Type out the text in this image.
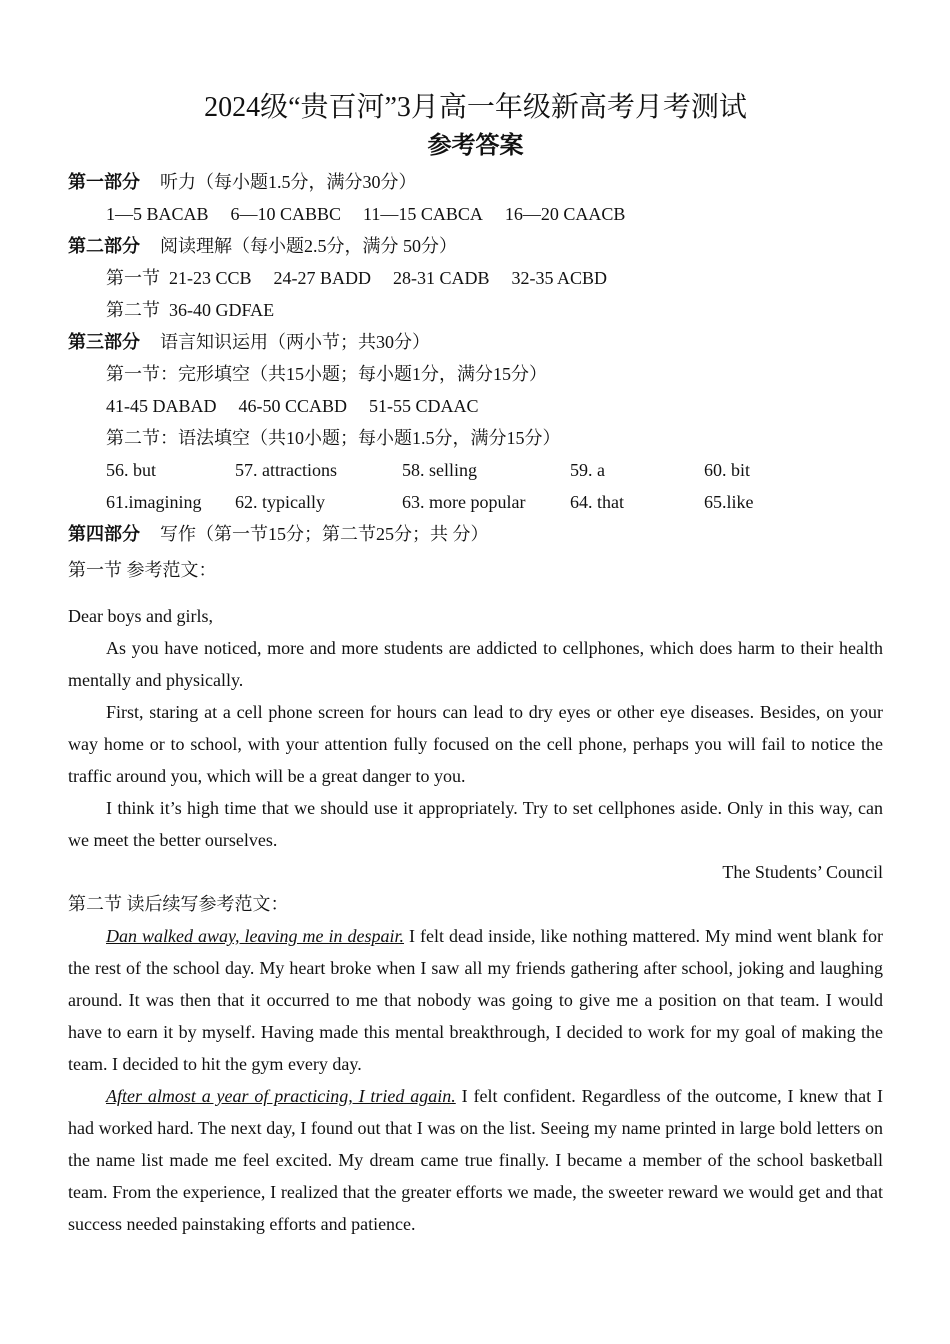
2024级“贵百河”3月高一年级新高考月考测试
参考答案
第一部分 听力（每小题1.5分，满分30分）
1—5 BACAB 6—10 CABBC 11—15 CABCA 16—20 CAACB
第二部分 阅读理解（每小题2.5分，满分 50分）
第一节 21-23 CCB 24-27 BADD 28-31 CADB 32-35 ACBD
第二节 36-40 GDFAE
第三部分 语言知识运用（两小节；共30分）
第一节：完形填空（共15小题；每小题1分，满分15分）
41-45 DABAD 46-50 CCABD 51-55 CDAAC
第二节：语法填空（共10小题；每小题1.5分，满分15分）
56. but	57. attractions	58. selling	59. a	60. bit
61.imagining	62. typically	63. more popular	64. that	65.like
第四部分 写作（第一节15分；第二节25分；共 分）
第一节 参考范文：

Dear boys and girls,

As you have noticed, more and more students are addicted to cellphones, which does harm to their health mentally and physically.

First, staring at a cell phone screen for hours can lead to dry eyes or other eye diseases. Besides, on your way home or to school, with your attention fully focused on the cell phone, perhaps you will fail to notice the traffic around you, which will be a great danger to you.

I think it’s high time that we should use it appropriately. Try to set cellphones aside. Only in this way, can we meet the better ourselves.

The Students’ Council
第二节 读后续写参考范文：

Dan walked away, leaving me in despair. I felt dead inside, like nothing mattered. My mind went blank for the rest of the school day. My heart broke when I saw all my friends gathering after school, joking and laughing around. It was then that it occurred to me that nobody was going to give me a position on that team. I would have to earn it by myself. Having made this mental breakthrough, I decided to work for my goal of making the team. I decided to hit the gym every day.

After almost a year of practicing, I tried again. I felt confident. Regardless of the outcome, I knew that I had worked hard. The next day, I found out that I was on the list. Seeing my name printed in large bold letters on the name list made me feel excited. My dream came true finally. I became a member of the school basketball team. From the experience, I realized that the greater efforts we made, the sweeter reward we would get and that success needed painstaking efforts and patience.
